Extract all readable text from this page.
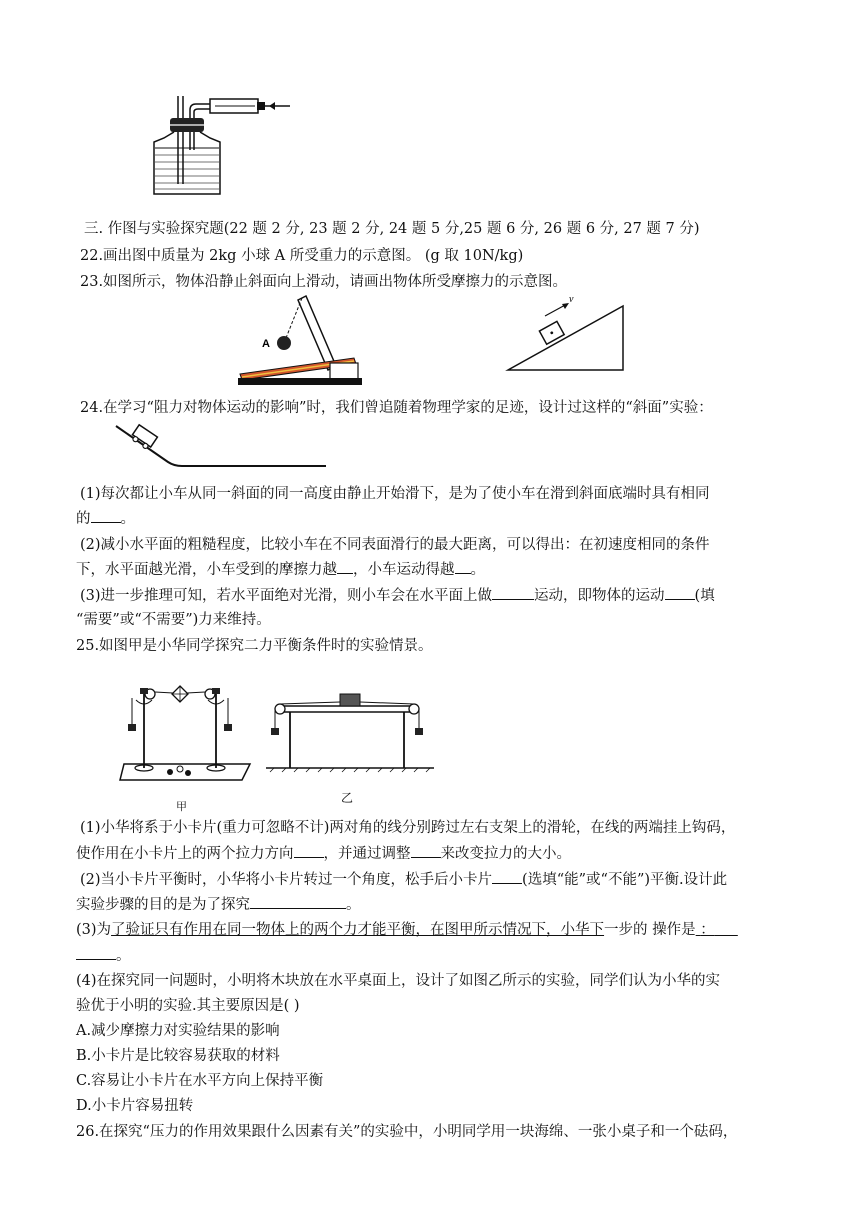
三. 作图与实验探究题(22 题 2 分, 23 题 2 分, 24 题 5 分,25 题 6 分, 26 题 6 分, 27 题 7 分)
22.画出图中质量为 2kg 小球 A 所受重力的示意图。 (g 取 10N/kg)
23.如图所示，物体沿静止斜面向上滑动，请画出物体所受摩擦力的示意图。
A
v
24.在学习“阻力对物体运动的影响”时，我们曾追随着物理学家的足迹，设计过这样的“斜面”实验：
(1)每次都让小车从同一斜面的同一高度由静止开始滑下，是为了使小车在滑到斜面底端时具有相同
的 。
(2)减小水平面的粗糙程度，比较小车在不同表面滑行的最大距离，可以得出：在初速度相同的条件
下，水平面越光滑，小车受到的摩擦力越 ，小车运动得越 。
(3)进一步推理可知，若水平面绝对光滑，则小车会在水平面上做	运动，即物体的运动 (填
“需要”或“不需要”)力来维持。
25.如图甲是小华同学探究二力平衡条件时的实验情景。
甲
乙
(1)小华将系于小卡片(重力可忽略不计)两对角的线分别跨过左右支架上的滑轮，在线的两端挂上钩码，
使作用在小卡片上的两个拉力方向 ，并通过调整 来改变拉力的大小。
(2)当小卡片平衡时，小华将小卡片转过一个角度，松手后小卡片 (选填“能”或“不能”)平衡.设计此
实验步骤的目的是为了探究	。
(3)为了验证只有作用在同一物体上的两个力才能平衡，在图甲所示情况下，小华下一步的 操作是 ：
。
(4)在探究同一问题时，小明将木块放在水平桌面上，设计了如图乙所示的实验，同学们认为小华的实
验优于小明的实验.其主要原因是( )
A.减少摩擦力对实验结果的影响
B.小卡片是比较容易获取的材料
C.容易让小卡片在水平方向上保持平衡
D.小卡片容易扭转
26.在探究“压力的作用效果跟什么因素有关”的实验中，小明同学用一块海绵、一张小桌子和一个砝码，
